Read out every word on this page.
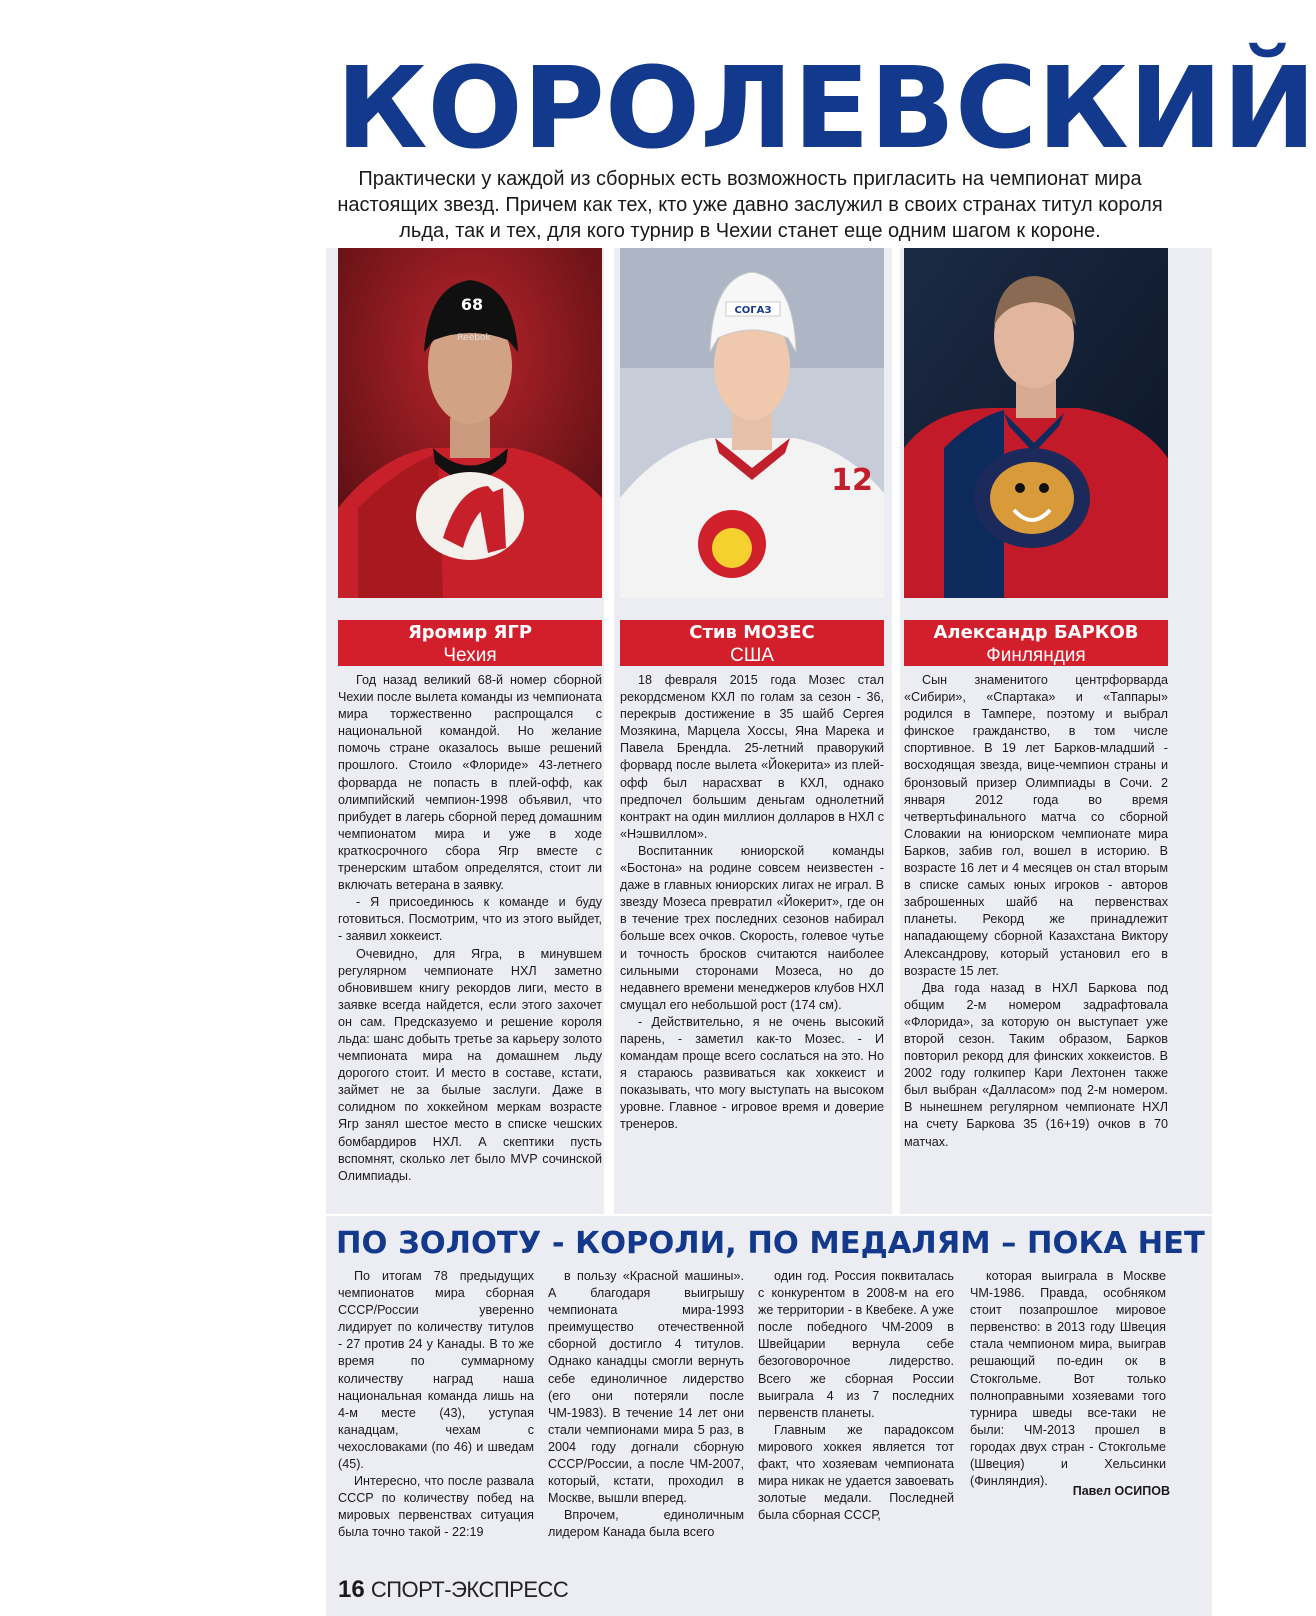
КОРОЛЕВСКИЙ

Практически у каждой из сборных есть возможность пригласить на чемпионат мира настоящих звезд. Причем как тех, кто уже давно заслужил в своих странах титул короля льда, так и тех, для кого турнир в Чехии станет еще одним шагом к короне.

68
Reebok
СОГАЗ
12
Яромир ЯГР
Чехия
Стив МОЗЕС
США
Александр БАРКОВ
Финляндия

Год назад великий 68-й номер сборной Чехии после вылета команды из чемпионата мира торжественно распрощался с национальной командой. Но желание помочь стране оказалось выше решений прошлого. Стоило «Флориде» 43-летнего форварда не попасть в плей-офф, как олимпийский чемпион-1998 объявил, что прибудет в лагерь сборной перед домашним чемпионатом мира и уже в ходе краткосрочного сбора Ягр вместе с тренерским штабом определятся, стоит ли включать ветерана в заявку.

- Я присоединюсь к команде и буду готовиться. Посмотрим, что из этого выйдет, - заявил хоккеист.

Очевидно, для Ягра, в минувшем регулярном чемпионате НХЛ заметно обновившем книгу рекордов лиги, место в заявке всегда найдется, если этого захочет он сам. Предсказуемо и решение короля льда: шанс добыть третье за карьеру золото чемпионата мира на домашнем льду дорогого стоит. И место в составе, кстати, займет не за былые заслуги. Даже в солидном по хоккейном меркам возрасте Ягр занял шестое место в списке чешских бомбардиров НХЛ. А скептики пусть вспомнят, сколько лет было MVP сочинской Олимпиады.

18 февраля 2015 года Мозес стал рекордсменом КХЛ по голам за сезон - 36, перекрыв достижение в 35 шайб Сергея Мозякина, Марцела Хоссы, Яна Марека и Павела Брендла. 25-летний праворукий форвард после вылета «Йокерита» из плей-офф был нарасхват в КХЛ, однако предпочел большим деньгам однолетний контракт на один миллион долларов в НХЛ с «Нэшвиллом».

Воспитанник юниорской команды «Бостона» на родине совсем неизвестен - даже в главных юниорских лигах не играл. В звезду Мозеса превратил «Йокерит», где он в течение трех последних сезонов набирал больше всех очков. Скорость, голевое чутье и точность бросков считаются наиболее сильными сторонами Мозеса, но до недавнего времени менеджеров клубов НХЛ смущал его небольшой рост (174 см).

- Действительно, я не очень высокий парень, - заметил как-то Мозес. - И командам проще всего сослаться на это. Но я стараюсь развиваться как хоккеист и показывать, что могу выступать на высоком уровне. Главное - игровое время и доверие тренеров.

Сын знаменитого центрфорварда «Сибири», «Спартака» и «Таппары» родился в Тампере, поэтому и выбрал финское гражданство, в том числе спортивное. В 19 лет Барков-младший - восходящая звезда, вице-чемпион страны и бронзовый призер Олимпиады в Сочи. 2 января 2012 года во время четвертьфинального матча со сборной Словакии на юниорском чемпионате мира Барков, забив гол, вошел в историю. В возрасте 16 лет и 4 месяцев он стал вторым в списке самых юных игроков - авторов заброшенных шайб на первенствах планеты. Рекорд же принадлежит нападающему сборной Казахстана Виктору Александрову, который установил его в возрасте 15 лет.

Два года назад в НХЛ Баркова под общим 2-м номером задрафтовала «Флорида», за которую он выступает уже второй сезон. Таким образом, Барков повторил рекорд для финских хоккеистов. В 2002 году голкипер Кари Лехтонен также был выбран «Далласом» под 2-м номером. В нынешнем регулярном чемпионате НХЛ на счету Баркова 35 (16+19) очков в 70 матчах.

ПО ЗОЛОТУ - КОРОЛИ, ПО МЕДАЛЯМ – ПОКА НЕТ

По итогам 78 предыдущих чемпионатов мира сборная СССР/России уверенно лидирует по количеству титулов - 27 против 24 у Канады. В то же время по суммарному количеству наград наша национальная команда лишь на 4-м месте (43), уступая канадцам, чехам с чехословаками (по 46) и шведам (45).

Интересно, что после развала СССР по количеству побед на мировых первенствах ситуация была точно такой - 22:19

в пользу «Красной машины». А благодаря выигрышу чемпионата мира-1993 преимущество отечественной сборной достигло 4 титулов. Однако канадцы смогли вернуть себе единоличное лидерство (его они потеряли после ЧМ-1983). В течение 14 лет они стали чемпионами мира 5 раз, в 2004 году догнали сборную СССР/России, а после ЧМ-2007, который, кстати, проходил в Москве, вышли вперед.

Впрочем, единоличным лидером Канада была всего

один год. Россия поквиталась с конкурентом в 2008-м на его же территории - в Квебеке. А уже после победного ЧМ-2009 в Швейцарии вернула себе безоговорочное лидерство. Всего же сборная России выиграла 4 из 7 последних первенств планеты.

Главным же парадоксом мирового хоккея является тот факт, что хозяевам чемпионата мира никак не удается завоевать золотые медали. Последней была сборная СССР,

которая выиграла в Москве ЧМ-1986. Правда, особняком стоит позапрошлое мировое первенство: в 2013 году Швеция стала чемпионом мира, выиграв решающий по-един ок в Стокгольме. Вот только полноправными хозяевами того турнира шведы все-таки не были: ЧМ-2013 прошел в городах двух стран - Стокгольме (Швеция) и Хельсинки (Финляндия).

Павел ОСИПОВ
16 СПОРТ-ЭКСПРЕСС
